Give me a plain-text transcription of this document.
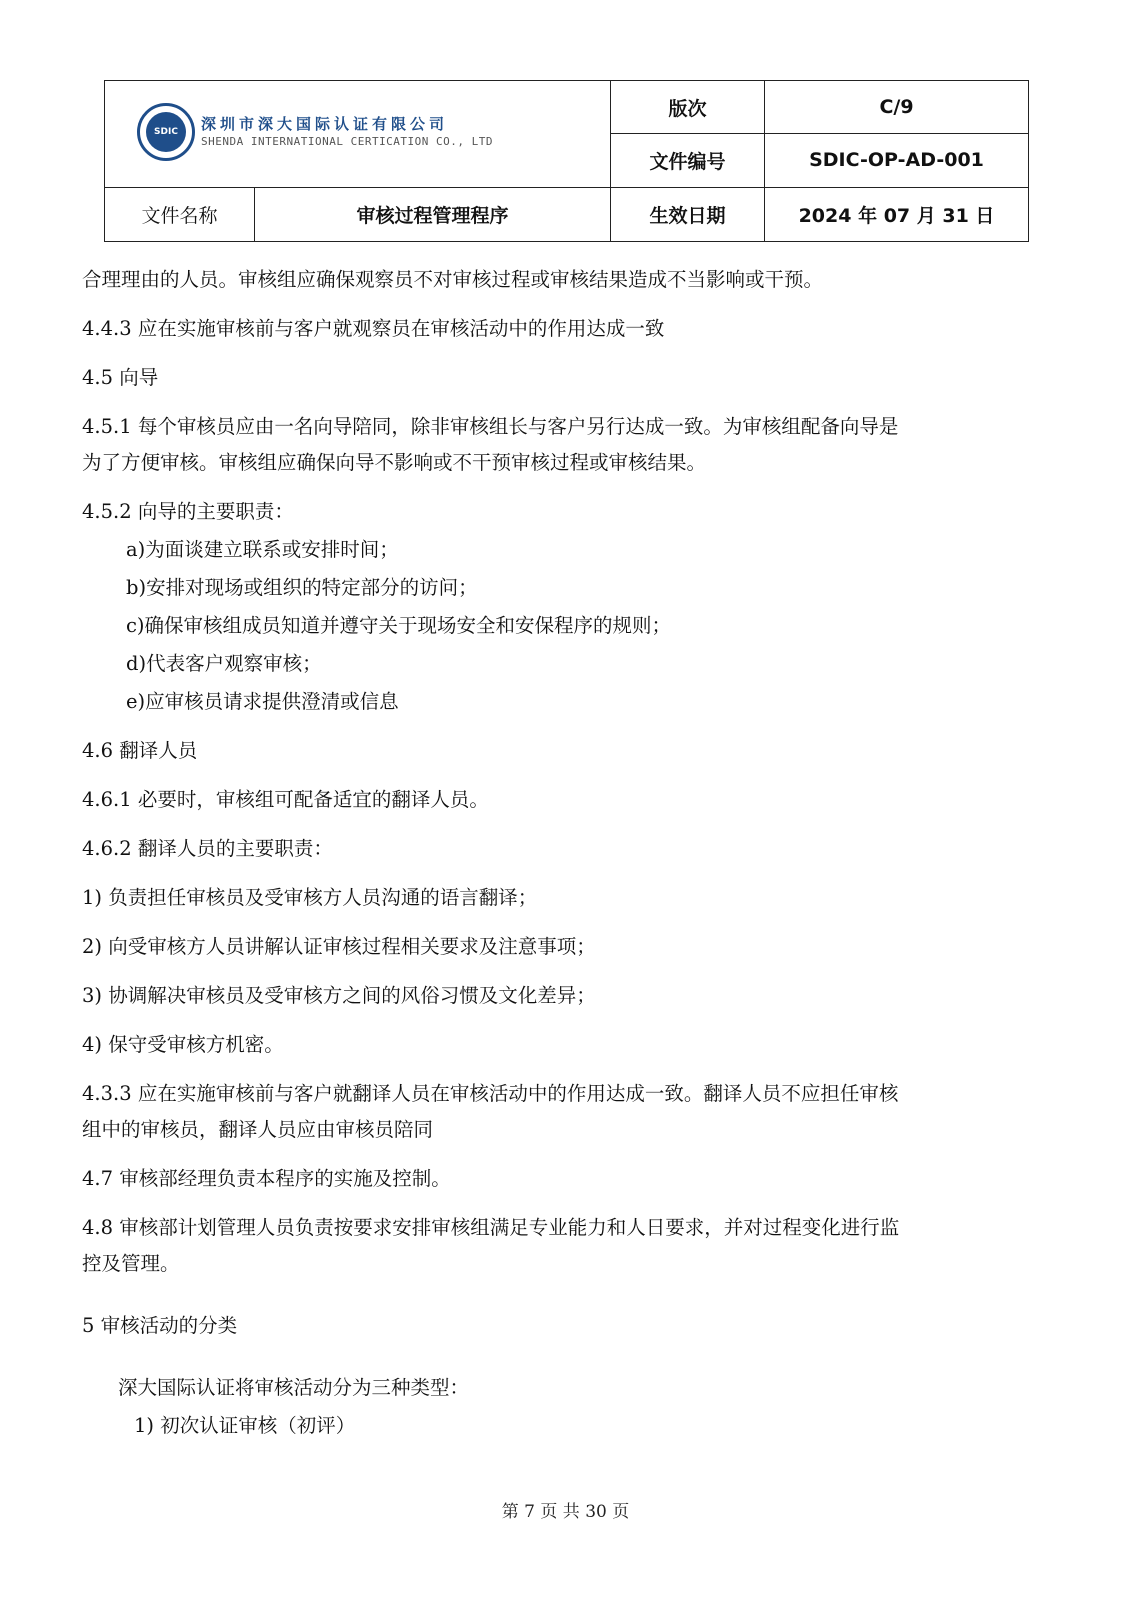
SDIC 深圳市深大国际认证有限公司
SHENDA INTERNATIONAL CERTICATION CO., LTD		版次	C/9
		文件编号	SDIC-OP-AD-001
文件名称	审核过程管理程序	生效日期	2024 年 07 月 31 日

合理理由的人员。审核组应确保观察员不对审核过程或审核结果造成不当影响或干预。

4.4.3 应在实施审核前与客户就观察员在审核活动中的作用达成一致

4.5 向导

4.5.1 每个审核员应由一名向导陪同，除非审核组长与客户另行达成一致。为审核组配备向导是

为了方便审核。审核组应确保向导不影响或不干预审核过程或审核结果。

4.5.2 向导的主要职责：

a)为面谈建立联系或安排时间；

b)安排对现场或组织的特定部分的访问；

c)确保审核组成员知道并遵守关于现场安全和安保程序的规则；

d)代表客户观察审核；

e)应审核员请求提供澄清或信息

4.6 翻译人员

4.6.1 必要时，审核组可配备适宜的翻译人员。

4.6.2 翻译人员的主要职责：

1) 负责担任审核员及受审核方人员沟通的语言翻译；

2) 向受审核方人员讲解认证审核过程相关要求及注意事项；

3) 协调解决审核员及受审核方之间的风俗习惯及文化差异；

4) 保守受审核方机密。

4.3.3 应在实施审核前与客户就翻译人员在审核活动中的作用达成一致。翻译人员不应担任审核

组中的审核员，翻译人员应由审核员陪同

4.7 审核部经理负责本程序的实施及控制。

4.8 审核部计划管理人员负责按要求安排审核组满足专业能力和人日要求，并对过程变化进行监

控及管理。

5 审核活动的分类

深大国际认证将审核活动分为三种类型：

1) 初次认证审核（初评）

第 7 页 共 30 页
